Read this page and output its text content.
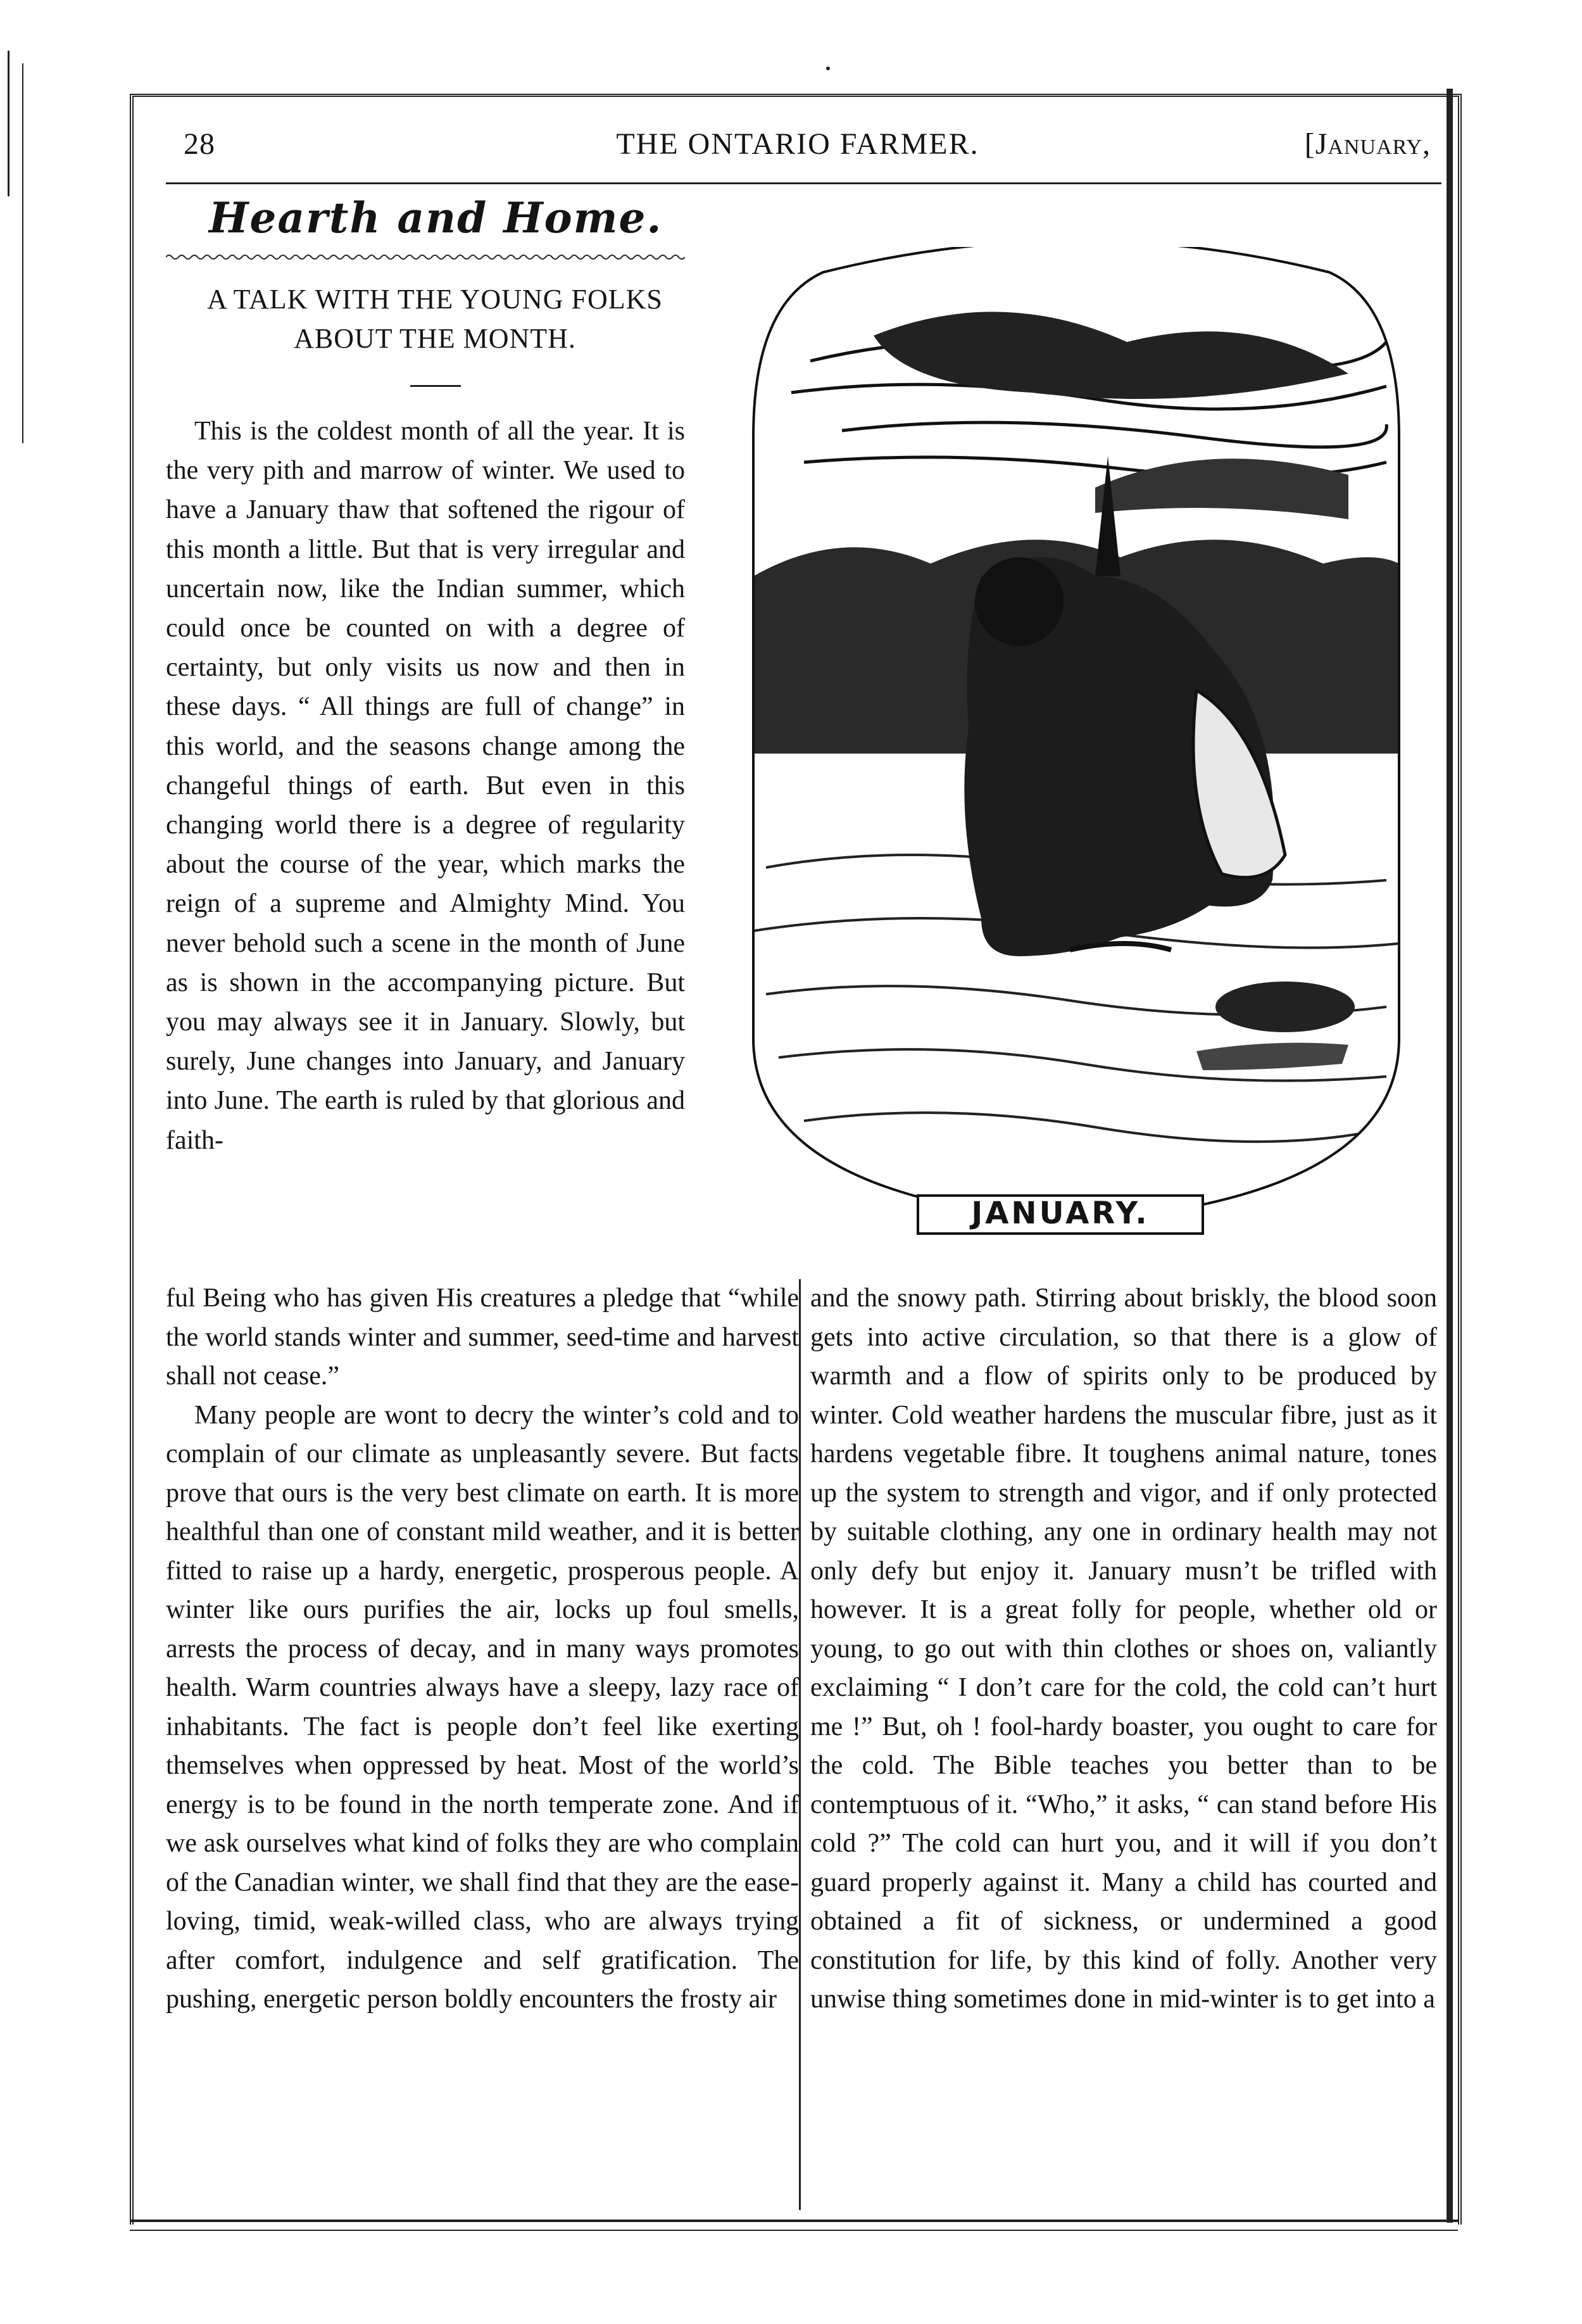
28	THE ONTARIO FARMER.	[January,
Hearth and Home.
A TALK WITH THE YOUNG FOLKS
ABOUT THE MONTH.

This is the coldest month of all the year. It is the very pith and marrow of winter. We used to have a January thaw that softened the rigour of this month a little. But that is very irregular and uncertain now, like the Indian summer, which could once be counted on with a degree of certainty, but only visits us now and then in these days. “ All things are full of change” in this world, and the seasons change among the changeful things of earth. But even in this changing world there is a degree of regularity about the course of the year, which marks the reign of a supreme and Almighty Mind. You never behold such a scene in the month of June as is shown in the accompanying picture. But you may always see it in January. Slowly, but surely, June changes into January, and January into June. The earth is ruled by that glorious and faith-

JANUARY.

ful Being who has given His creatures a pledge that “while the world stands winter and summer, seed-time and harvest shall not cease.”

Many people are wont to decry the winter’s cold and to complain of our climate as unpleasantly severe. But facts prove that ours is the very best climate on earth. It is more healthful than one of constant mild weather, and it is better fitted to raise up a hardy, energetic, prosperous people. A winter like ours purifies the air, locks up foul smells, arrests the process of decay, and in many ways promotes health. Warm countries always have a sleepy, lazy race of inhabitants. The fact is people don’t feel like exerting themselves when oppressed by heat. Most of the world’s energy is to be found in the north temperate zone. And if we ask ourselves what kind of folks they are who complain of the Canadian winter, we shall find that they are the ease-loving, timid, weak-willed class, who are always trying after comfort, indulgence and self gratification. The pushing, energetic person boldly encounters the frosty air

and the snowy path. Stirring about briskly, the blood soon gets into active circulation, so that there is a glow of warmth and a flow of spirits only to be produced by winter. Cold weather hardens the muscular fibre, just as it hardens vegetable fibre. It toughens animal nature, tones up the system to strength and vigor, and if only protected by suitable clothing, any one in ordinary health may not only defy but enjoy it. January musn’t be trifled with however. It is a great folly for people, whether old or young, to go out with thin clothes or shoes on, valiantly exclaiming “ I don’t care for the cold, the cold can’t hurt me !” But, oh ! fool-hardy boaster, you ought to care for the cold. The Bible teaches you better than to be contemptuous of it. “Who,” it asks, “ can stand before His cold ?” The cold can hurt you, and it will if you don’t guard properly against it. Many a child has courted and obtained a fit of sickness, or undermined a good constitution for life, by this kind of folly. Another very unwise thing sometimes done in mid-winter is to get into a
